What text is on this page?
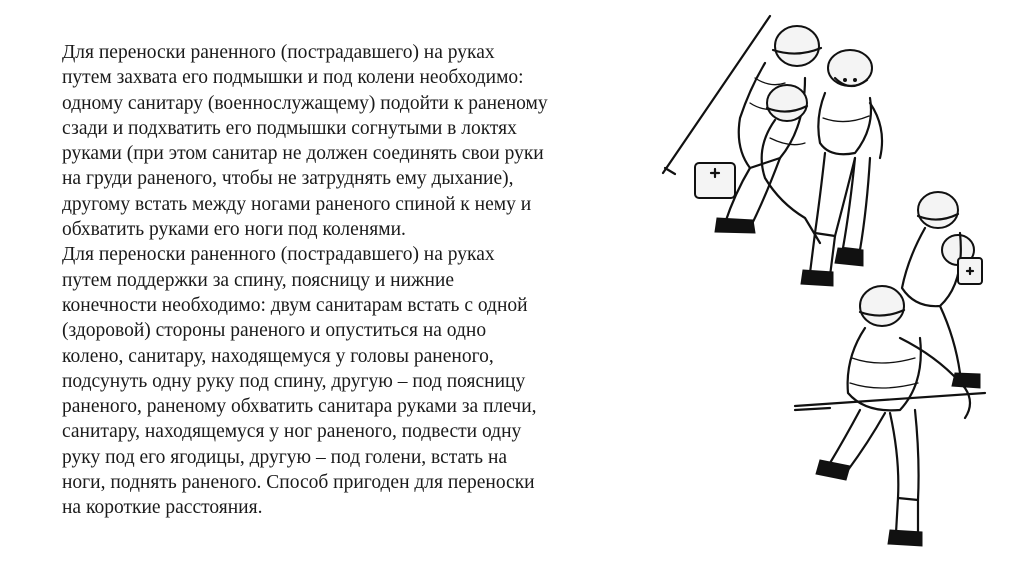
Для переноски раненного (пострадавшего) на руках
путем захвата его подмышки и под колени необходимо:
одному санитару (военнослужащему) подойти к раненому
сзади и подхватить его подмышки согнутыми в локтях
руками (при этом санитар не должен соединять свои руки
на груди раненого, чтобы не затруднять ему дыхание),
другому встать между ногами раненого спиной к нему и
обхватить руками его ноги под коленями.

Для переноски раненного (пострадавшего) на руках
путем поддержки за спину, поясницу и нижние
конечности необходимо: двум санитарам встать с одной
(здоровой) стороны раненого и опуститься на одно
колено, санитару, находящемуся у головы раненого,
подсунуть одну руку под спину, другую – под поясницу
раненого, раненому обхватить санитара руками за плечи,
санитару, находящемуся у ног раненого, подвести одну
руку под его ягодицы, другую – под голени, встать на
ноги, поднять раненого. Способ пригоден для переноски
на короткие расстояния.
